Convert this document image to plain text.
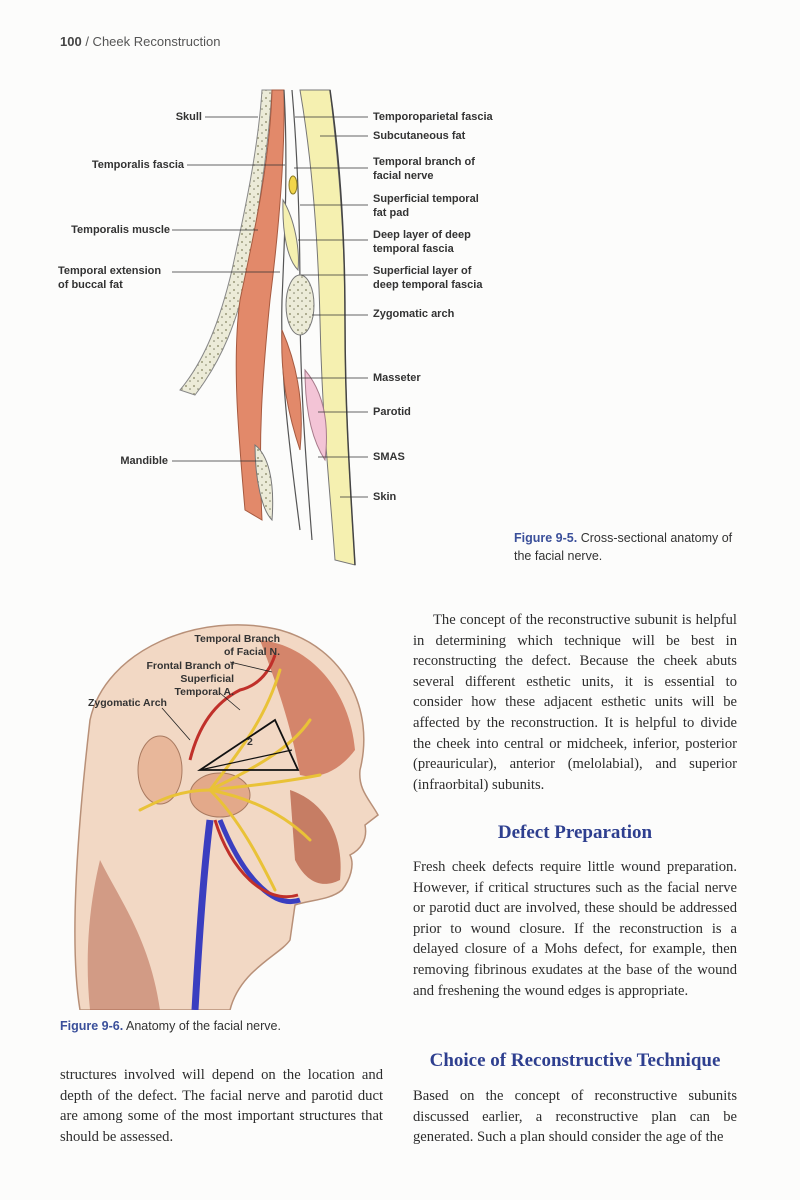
100 / Cheek Reconstruction
Skull
Temporalis fascia
Temporalis muscle
Temporal extension
of buccal fat
Mandible
Temporoparietal fascia
Subcutaneous fat
Temporal branch of
facial nerve
Superficial temporal
fat pad
Deep layer of deep
temporal fascia
Superficial layer of
deep temporal fascia
Zygomatic arch
Masseter
Parotid
SMAS
Skin
Figure 9-5. Cross-sectional anatomy of the facial nerve.
Temporal Branch
of Facial N.
Frontal Branch of
Superficial
Temporal A.
Zygomatic Arch
2
Figure 9-6. Anatomy of the facial nerve.
structures involved will depend on the location and depth of the defect. The facial nerve and parotid duct are among some of the most important structures that should be assessed.
The concept of the reconstructive subunit is helpful in determining which technique will be best in reconstructing the defect. Because the cheek abuts several different esthetic units, it is essential to consider how these adjacent esthetic units will be affected by the reconstruction. It is helpful to divide the cheek into central or midcheek, inferior, posterior (preauricular), anterior (melolabial), and superior (infraorbital) subunits.
Defect Preparation
Fresh cheek defects require little wound preparation. However, if critical structures such as the facial nerve or parotid duct are involved, these should be addressed prior to wound closure. If the reconstruction is a delayed closure of a Mohs defect, for example, then removing fibrinous exudates at the base of the wound and freshening the wound edges is appropriate.
Choice of Reconstructive Technique
Based on the concept of reconstructive subunits discussed earlier, a reconstructive plan can be generated. Such a plan should consider the age of the
